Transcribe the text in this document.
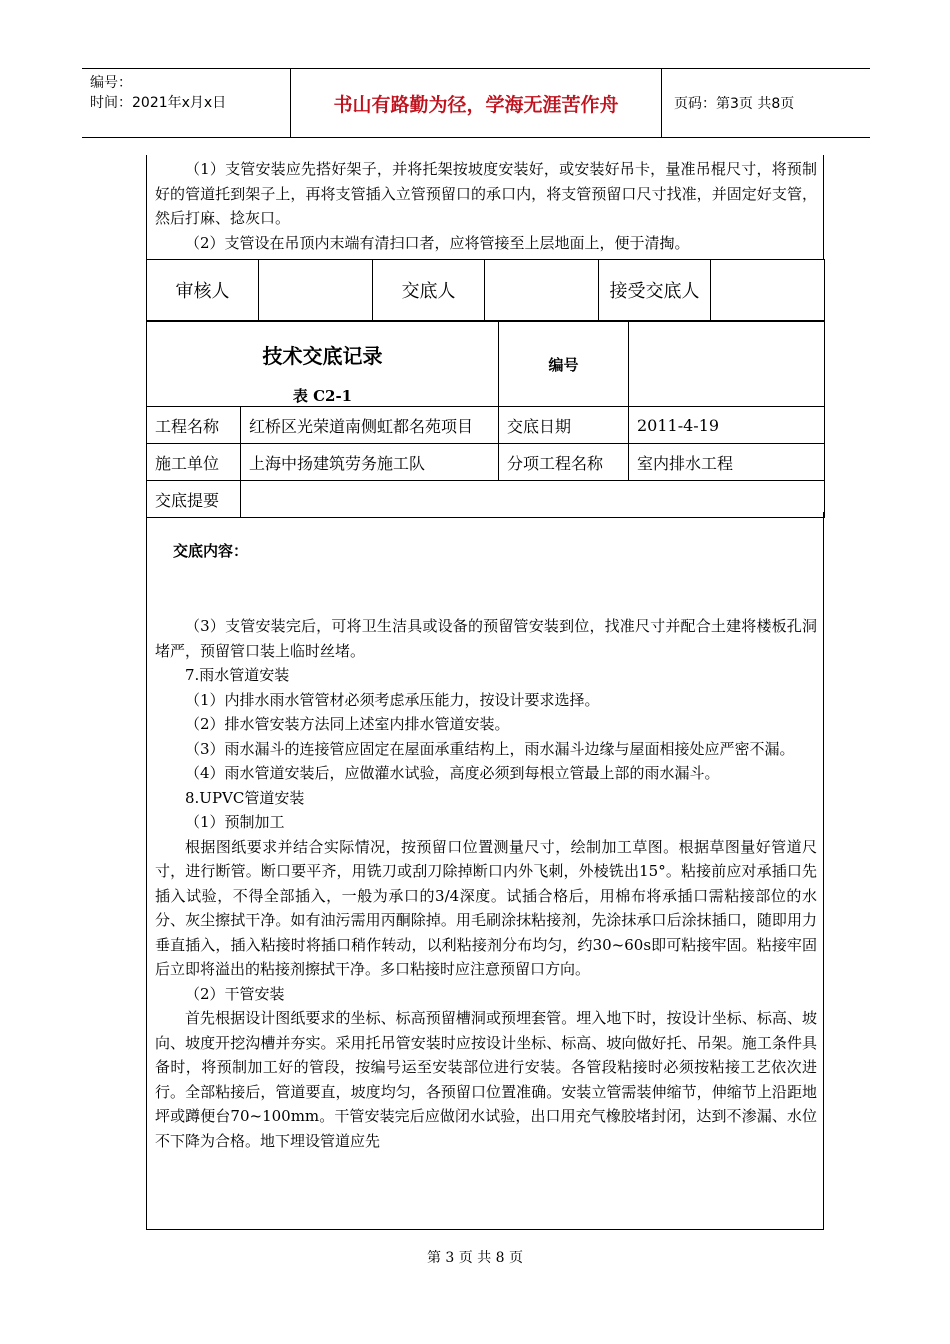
编号：
时间：2021年x月x日	书山有路勤为径，学海无涯苦作舟	页码：第3页 共8页

（1）支管安装应先搭好架子，并将托架按坡度安装好，或安装好吊卡，量准吊棍尺寸，将预制好的管道托到架子上，再将支管插入立管预留口的承口内，将支管预留口尺寸找准，并固定好支管，然后打麻、捻灰口。

（2）支管设在吊顶内末端有清扫口者，应将管接至上层地面上，便于清掏。

审核人		交底人		接受交底人	
技术交底记录
表 C2-1		编号	
工程名称	红桥区光荣道南侧虹都名苑项目	交底日期	2011-4-19
施工单位	上海中扬建筑劳务施工队	分项工程名称	室内排水工程
交底提要			
交底内容：

（3）支管安装完后，可将卫生洁具或设备的预留管安装到位，找准尺寸并配合土建将楼板孔洞堵严，预留管口装上临时丝堵。

7.雨水管道安装

（1）内排水雨水管管材必须考虑承压能力，按设计要求选择。

（2）排水管安装方法同上述室内排水管道安装。

（3）雨水漏斗的连接管应固定在屋面承重结构上，雨水漏斗边缘与屋面相接处应严密不漏。

（4）雨水管道安装后，应做灌水试验，高度必须到每根立管最上部的雨水漏斗。

8.UPVC管道安装

（1）预制加工

根据图纸要求并结合实际情况，按预留口位置测量尺寸，绘制加工草图。根据草图量好管道尺寸，进行断管。断口要平齐，用铣刀或刮刀除掉断口内外飞刺，外棱铣出15°。粘接前应对承插口先插入试验，不得全部插入，一般为承口的3/4深度。试插合格后，用棉布将承插口需粘接部位的水分、灰尘擦拭干净。如有油污需用丙酮除掉。用毛刷涂抹粘接剂，先涂抹承口后涂抹插口，随即用力垂直插入，插入粘接时将插口稍作转动，以利粘接剂分布均匀，约30~60s即可粘接牢固。粘接牢固后立即将溢出的粘接剂擦拭干净。多口粘接时应注意预留口方向。

（2）干管安装

首先根据设计图纸要求的坐标、标高预留槽洞或预埋套管。埋入地下时，按设计坐标、标高、坡向、坡度开挖沟槽并夯实。采用托吊管安装时应按设计坐标、标高、坡向做好托、吊架。施工条件具备时，将预制加工好的管段，按编号运至安装部位进行安装。各管段粘接时必须按粘接工艺依次进行。全部粘接后，管道要直，坡度均匀，各预留口位置准确。安装立管需装伸缩节，伸缩节上沿距地坪或蹲便台70~100mm。干管安装完后应做闭水试验，出口用充气橡胶堵封闭，达到不渗漏、水位不下降为合格。地下埋设管道应先

第 3 页 共 8 页
